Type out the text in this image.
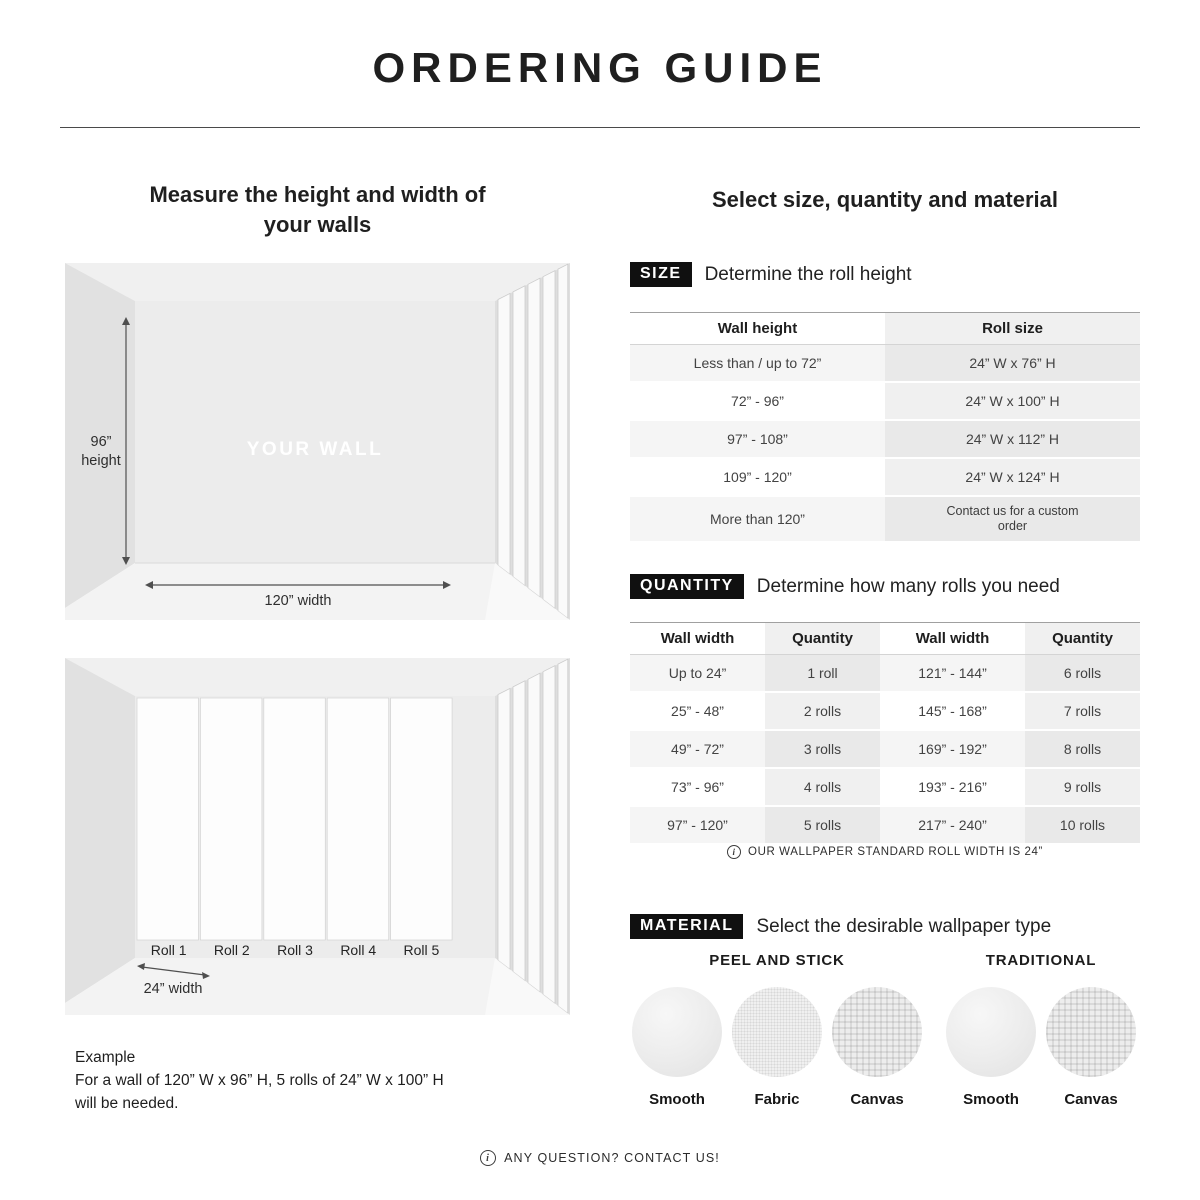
ORDERING GUIDE
Measure the height and width of your walls
YOUR WALL
96”
height
120” width
Roll 1	Roll 2	Roll 3	Roll 4	Roll 5
24” width
Example
For a wall of 120” W x 96” H, 5 rolls of 24” W x 100” H
will be needed.
Select size, quantity and material
SIZE	Determine the roll height
Wall height	Roll size
Less than / up to 72”	24” W x 76” H
72” - 96”	24” W x 100” H
97” - 108”	24” W x 112” H
109” - 120”	24” W x 124” H
More than 120”	Contact us for a custom order
QUANTITY	Determine how many rolls you need
Wall width	Quantity	Wall width	Quantity
Up to 24”	1 roll	121” - 144”	6 rolls
25” - 48”	2 rolls	145” - 168”	7 rolls
49” - 72”	3 rolls	169” - 192”	8 rolls
73” - 96”	4 rolls	193” - 216”	9 rolls
97” - 120”	5 rolls	217” - 240”	10 rolls
i	OUR WALLPAPER STANDARD ROLL WIDTH IS 24”
MATERIAL	Select the desirable wallpaper type
PEEL AND STICK
Smooth	Fabric	Canvas
TRADITIONAL
Smooth	Canvas
i	ANY QUESTION? CONTACT US!
